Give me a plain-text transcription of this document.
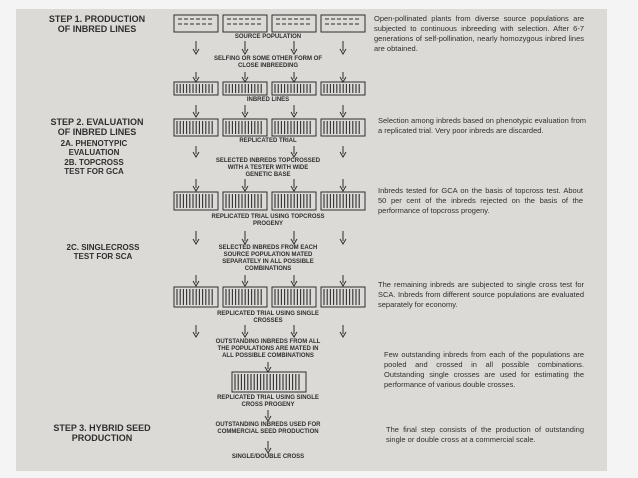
STEP 1. PRODUCTION
OF INBRED LINES
STEP 2. EVALUATION
OF INBRED LINES
2A. PHENOTYPIC
EVALUATION
2B. TOPCROSS
TEST FOR GCA
2C. SINGLECROSS
TEST FOR SCA
STEP 3. HYBRID SEED
PRODUCTION
SOURCE POPULATION
SELFING OR SOME OTHER FORM OF
CLOSE INBREEDING
INBRED LINES
REPLICATED TRIAL
SELECTED INBREDS TOPCROSSED
WITH A TESTER WITH WIDE
GENETIC BASE
REPLICATED TRIAL USING TOPCROSS
PROGENY
SELECTED INBREDS FROM EACH
SOURCE POPULATION MATED
SEPARATELY IN ALL POSSIBLE
COMBINATIONS
REPLICATED TRIAL USING SINGLE
CROSSES
OUTSTANDING INBREDS FROM ALL
THE POPULATIONS ARE MATED IN
ALL POSSIBLE COMBINATIONS
REPLICATED TRIAL USING SINGLE
CROSS PROGENY
OUTSTANDING INBREDS USED FOR
COMMERCIAL SEED PRODUCTION
SINGLE/DOUBLE CROSS
Open-pollinated plants from diverse source populations are subjected to continuous inbreeding with selection. After 6-7 generations of self-pollination, nearly homozygous inbred lines are obtained.
Selection among inbreds based on phenotypic evaluation from a replicated trial. Very poor inbreds are discarded.
Inbreds tested for GCA on the basis of topcross test. About 50 per cent of the inbreds rejected on the basis of the performance of topcross progeny.
The remaining inbreds are subjected to single cross test for SCA. Inbreds from different source populations are evaluated separately for economy.
Few outstanding inbreds from each of the populations are pooled and crossed in all possible combinations. Outstanding single crosses are used for estimating the performance of various double crosses.
The final step consists of the production of outstanding single or double cross at a commercial scale.
